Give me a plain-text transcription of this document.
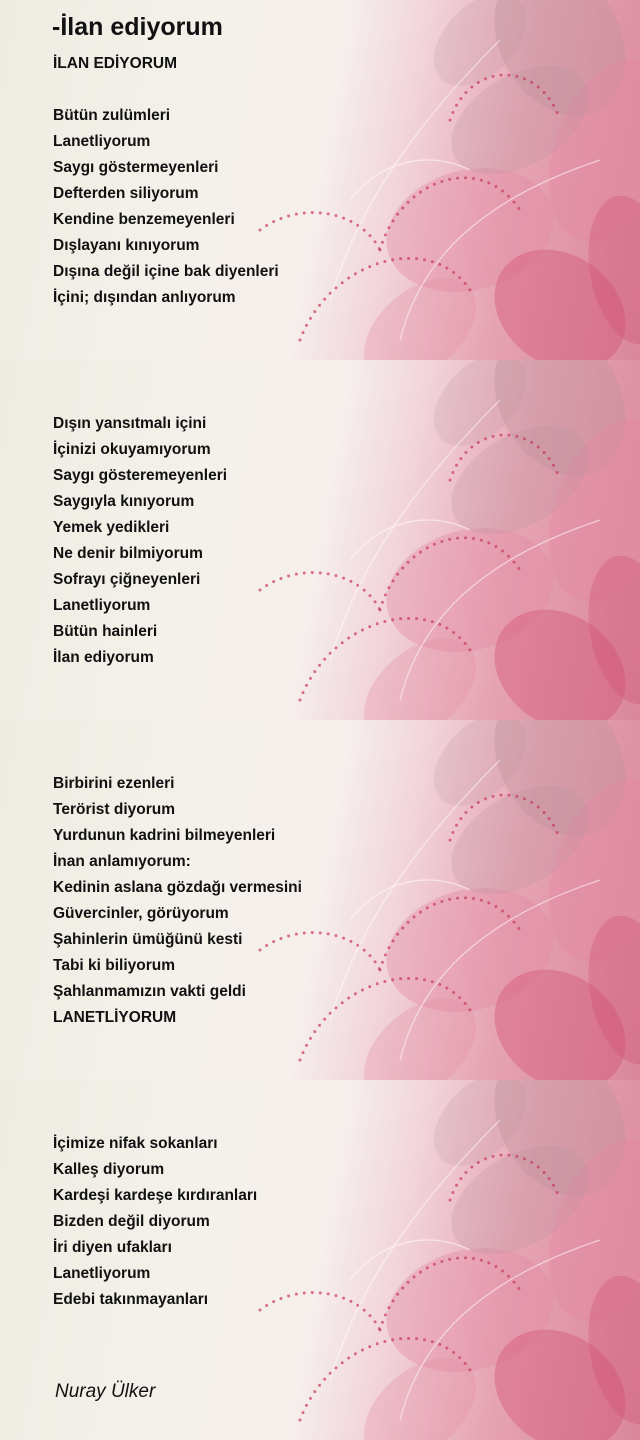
-İlan ediyorum
İLAN EDİYORUM
Bütün zulümleri
Lanetliyorum
Saygı göstermeyenleri
Defterden siliyorum
Kendine benzemeyenleri
Dışlayanı kınıyorum
Dışına değil içine bak diyenleri
İçini; dışından anlıyorum
Dışın yansıtmalı içini
İçinizi okuyamıyorum
Saygı gösteremeyenleri
Saygıyla kınıyorum
Yemek yedikleri
Ne denir bilmiyorum
Sofrayı çiğneyenleri
Lanetliyorum
Bütün hainleri
İlan ediyorum
Birbirini ezenleri
Terörist diyorum
Yurdunun kadrini bilmeyenleri
İnan anlamıyorum:
Kedinin aslana gözdağı vermesini
Güvercinler, görüyorum
Şahinlerin ümüğünü kesti
Tabi ki biliyorum
Şahlanmamızın vakti geldi
LANETLİYORUM
İçimize nifak sokanları
Kalleş diyorum
Kardeşi kardeşe kırdıranları
Bizden değil diyorum
İri diyen ufakları
Lanetliyorum
Edebi takınmayanları
Nuray Ülker
